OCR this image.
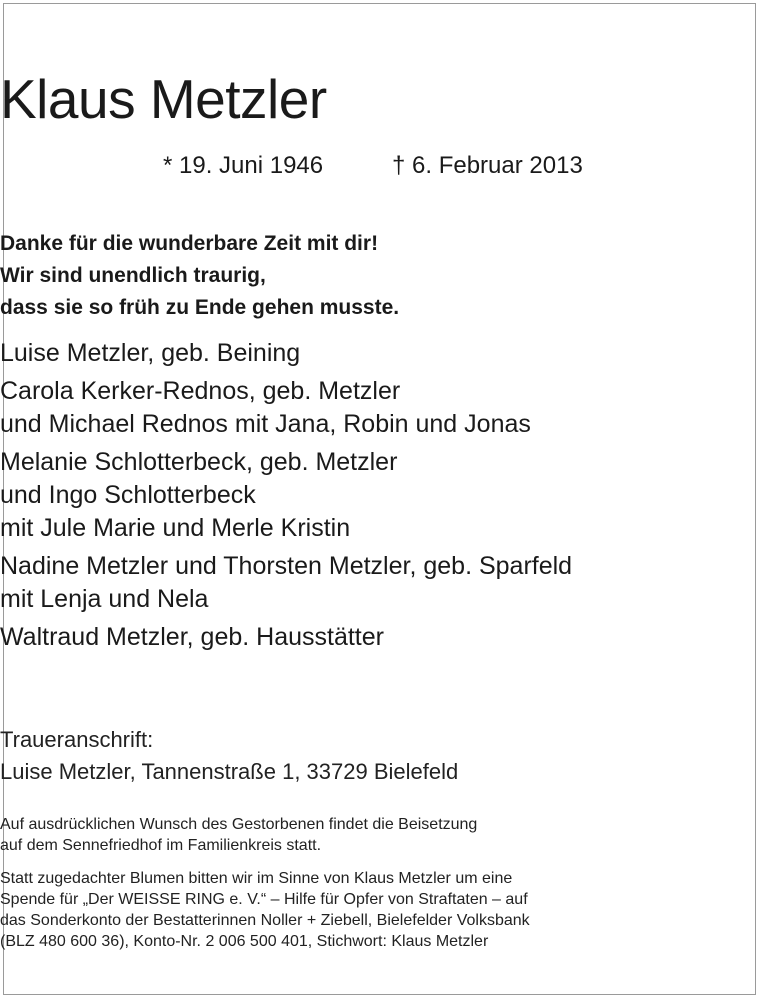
Klaus Metzler
* 19. Juni 1946	† 6. Februar 2013
Danke für die wunderbare Zeit mit dir!
Wir sind unendlich traurig,
dass sie so früh zu Ende gehen musste.
Luise Metzler, geb. Beining
Carola Kerker-Rednos, geb. Metzler
und Michael Rednos mit Jana, Robin und Jonas
Melanie Schlotterbeck, geb. Metzler
und Ingo Schlotterbeck
mit Jule Marie und Merle Kristin
Nadine Metzler und Thorsten Metzler, geb. Sparfeld
mit Lenja und Nela
Waltraud Metzler, geb. Hausstätter
Traueranschrift:
Luise Metzler, Tannenstraße 1, 33729 Bielefeld
Auf ausdrücklichen Wunsch des Gestorbenen findet die Beisetzung
auf dem Sennefriedhof im Familienkreis statt.
Statt zugedachter Blumen bitten wir im Sinne von Klaus Metzler um eine
Spende für „Der WEISSE RING e. V.“ – Hilfe für Opfer von Straftaten – auf
das Sonderkonto der Bestatterinnen Noller + Ziebell, Bielefelder Volksbank
(BLZ 480 600 36), Konto-Nr. 2 006 500 401, Stichwort: Klaus Metzler
